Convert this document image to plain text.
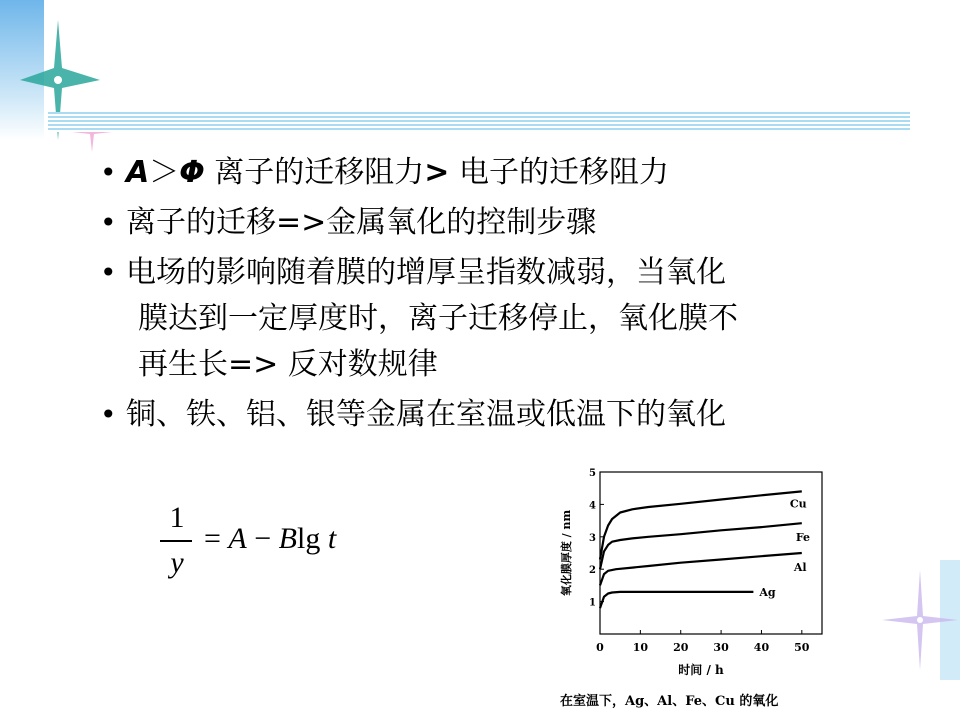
• A＞Φ 离子的迁移阻力> 电子的迁移阻力
• 离子的迁移=>金属氧化的控制步骤
• 电场的影响随着膜的增厚呈指数减弱，当氧化
膜达到一定厚度时，离子迁移停止，氧化膜不
再生长=> 反对数规律
• 铜、铁、铝、银等金属在室温或低温下的氧化
1
y
= A − Blg t
0	10 20 30 40 50
1
2
3
4
5
时间 / h
氧化膜厚度 / nm
Cu
Fe
Al
Ag
在室温下，Ag、Al、Fe、Cu 的氧化
